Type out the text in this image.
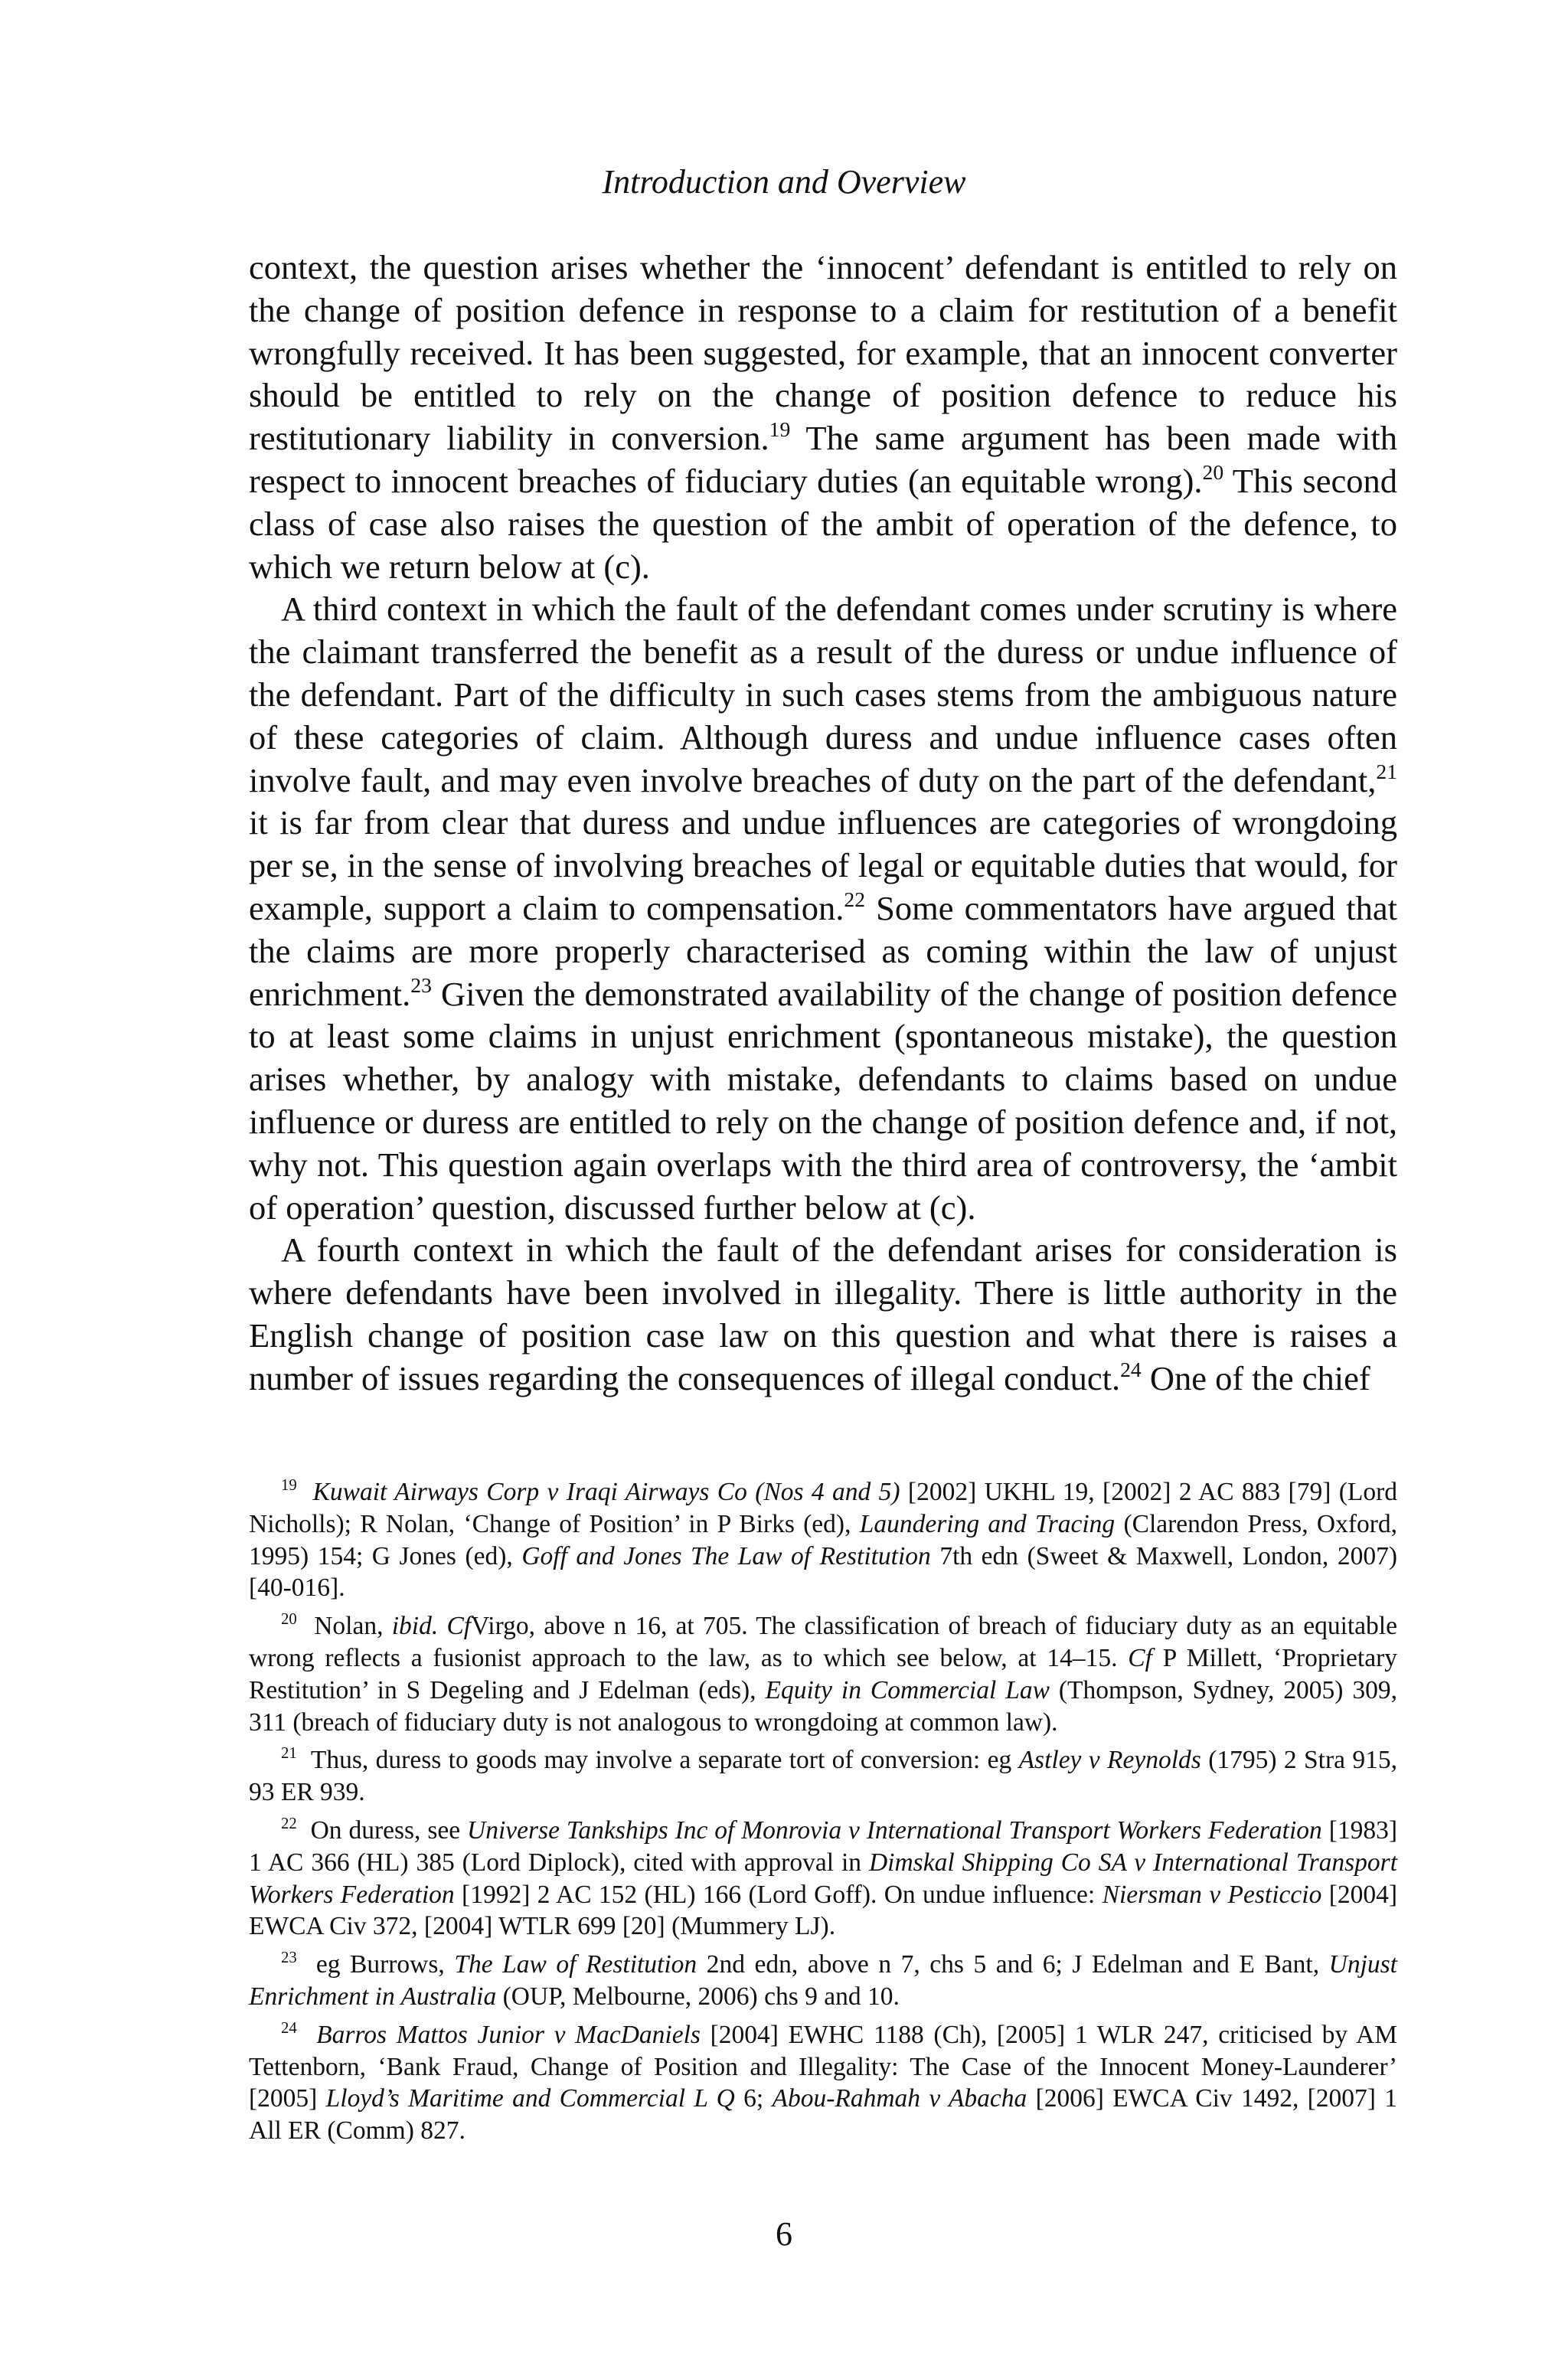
Introduction and Overview

context, the question arises whether the ‘innocent’ defendant is entitled to rely on the change of position defence in response to a claim for restitution of a benefit wrongfully received. It has been suggested, for example, that an innocent converter should be entitled to rely on the change of position defence to reduce his restitutionary liability in conversion.$^{19}$ The same argument has been made with respect to innocent breaches of fiduciary duties (an equitable wrong).$^{20}$ This second class of case also raises the question of the ambit of operation of the defence, to which we return below at (c).

A third context in which the fault of the defendant comes under scrutiny is where the claimant transferred the benefit as a result of the duress or undue influence of the defendant. Part of the difficulty in such cases stems from the ambiguous nature of these categories of claim. Although duress and undue influence cases often involve fault, and may even involve breaches of duty on the part of the defendant,$^{21}$ it is far from clear that duress and undue influences are categories of wrongdoing per se, in the sense of involving breaches of legal or equitable duties that would, for example, support a claim to compensation.$^{22}$ Some commentators have argued that the claims are more properly characterised as coming within the law of unjust enrichment.$^{23}$ Given the demonstrated availability of the change of position defence to at least some claims in unjust enrichment (spontaneous mistake), the question arises whether, by analogy with mistake, defendants to claims based on undue influence or duress are entitled to rely on the change of position defence and, if not, why not. This question again overlaps with the third area of controversy, the ‘ambit of operation’ question, discussed further below at (c).

A fourth context in which the fault of the defendant arises for consideration is where defendants have been involved in illegality. There is little authority in the English change of position case law on this question and what there is raises a number of issues regarding the consequences of illegal conduct.$^{24}$ One of the chief

$^{19}$ Kuwait Airways Corp v Iraqi Airways Co (Nos 4 and 5) [2002] UKHL 19, [2002] 2 AC 883 [79] (Lord Nicholls); R Nolan, ‘Change of Position’ in P Birks (ed), Laundering and Tracing (Clarendon Press, Oxford, 1995) 154; G Jones (ed), Goff and Jones The Law of Restitution 7th edn (Sweet & Maxwell, London, 2007) [40-016].

$^{20}$ Nolan, ibid. CfVirgo, above n 16, at 705. The classification of breach of fiduciary duty as an equitable wrong reflects a fusionist approach to the law, as to which see below, at 14–15. Cf P Millett, ‘Proprietary Restitution’ in S Degeling and J Edelman (eds), Equity in Commercial Law (Thompson, Sydney, 2005) 309, 311 (breach of fiduciary duty is not analogous to wrongdoing at common law).

$^{21}$ Thus, duress to goods may involve a separate tort of conversion: eg Astley v Reynolds (1795) 2 Stra 915, 93 ER 939.

$^{22}$ On duress, see Universe Tankships Inc of Monrovia v International Transport Workers Federation [1983] 1 AC 366 (HL) 385 (Lord Diplock), cited with approval in Dimskal Shipping Co SA v International Transport Workers Federation [1992] 2 AC 152 (HL) 166 (Lord Goff). On undue influence: Niersman v Pesticcio [2004] EWCA Civ 372, [2004] WTLR 699 [20] (Mummery LJ).

$^{23}$ eg Burrows, The Law of Restitution 2nd edn, above n 7, chs 5 and 6; J Edelman and E Bant, Unjust Enrichment in Australia (OUP, Melbourne, 2006) chs 9 and 10.

$^{24}$ Barros Mattos Junior v MacDaniels [2004] EWHC 1188 (Ch), [2005] 1 WLR 247, criticised by AM Tettenborn, ‘Bank Fraud, Change of Position and Illegality: The Case of the Innocent Money-Launderer’ [2005] Lloyd’s Maritime and Commercial L Q 6; Abou-Rahmah v Abacha [2006] EWCA Civ 1492, [2007] 1 All ER (Comm) 827.

6
